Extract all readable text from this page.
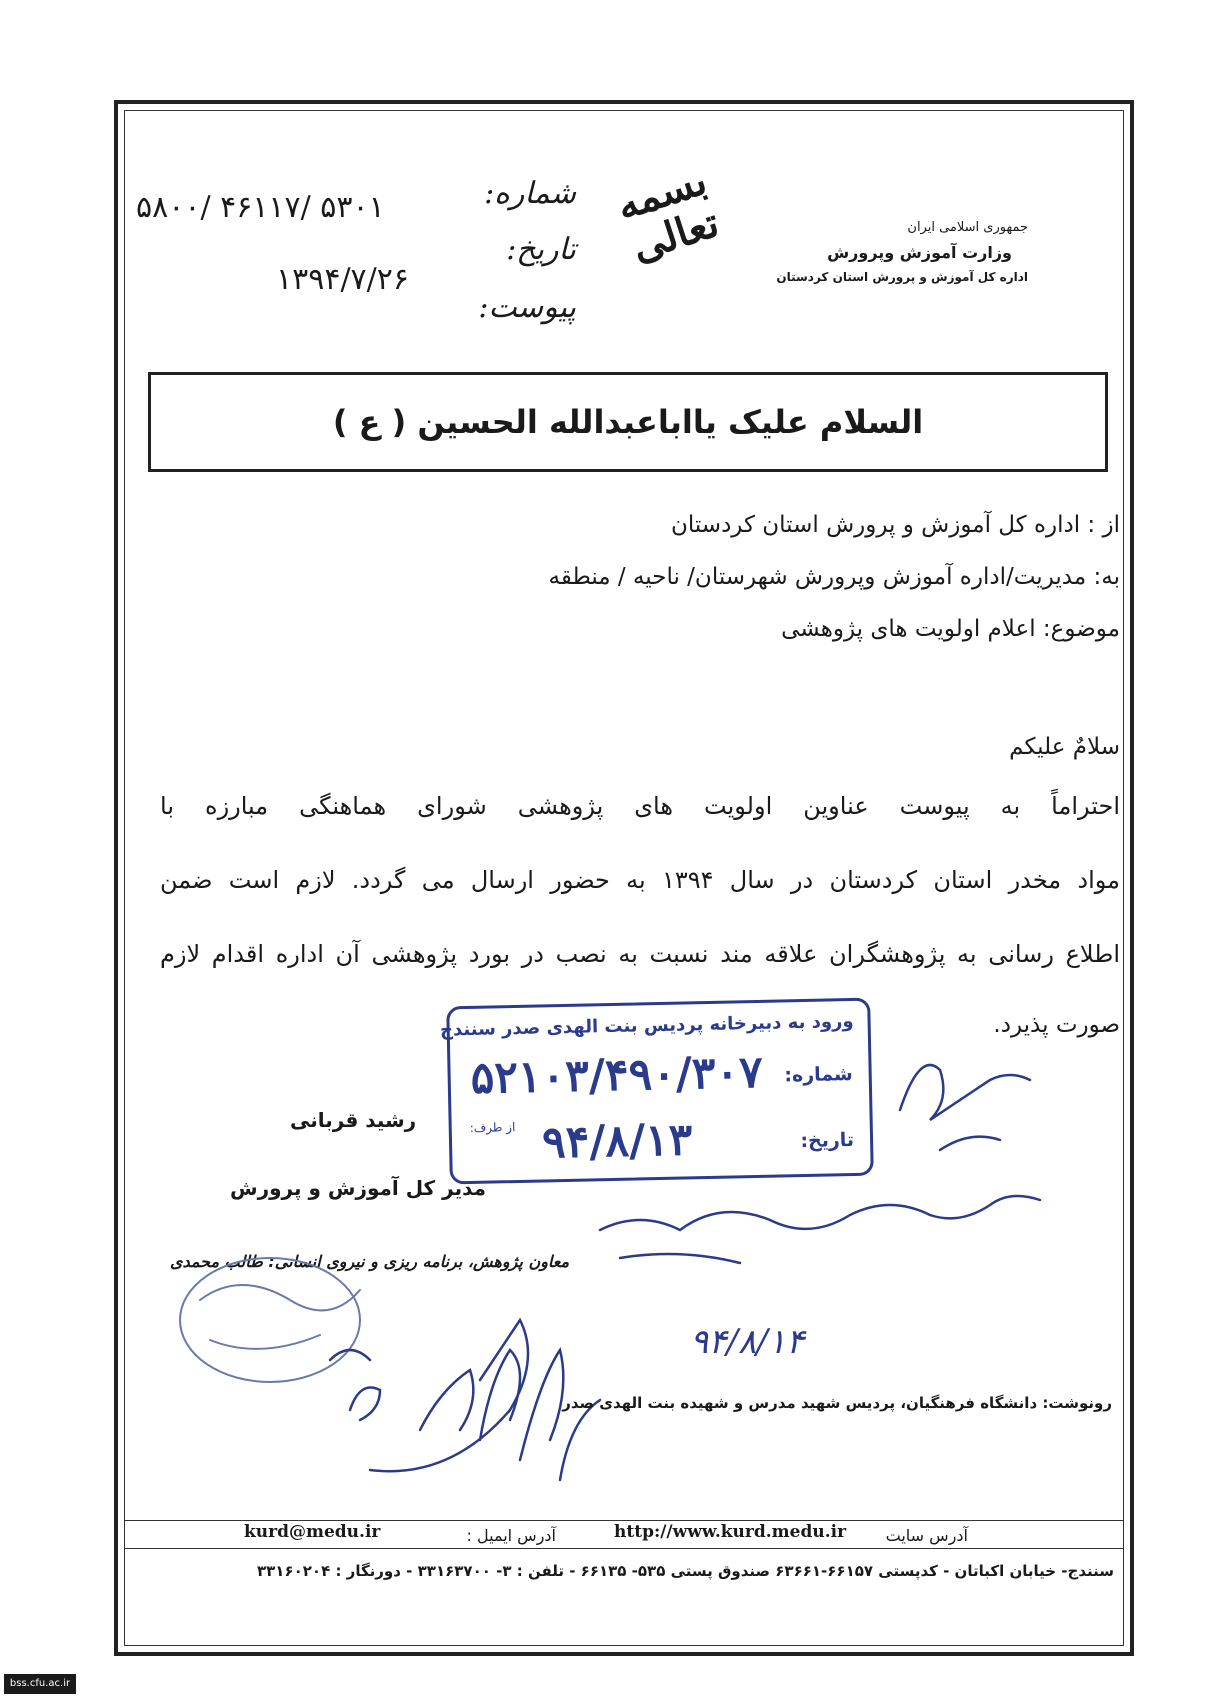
جمهوری اسلامی ایران
وزارت آموزش وپرورش
اداره کل آموزش و پرورش استان کردستان
بسمه تعالی
شماره:
تاریخ:
پیوست:
۵۸۰۰/ ۴۶۱۱۷/ ۵۳۰۱
۱۳۹۴/۷/۲۶
السلام علیک یااباعبدالله الحسین ( ع )
از : اداره کل آموزش و پرورش استان کردستان
به: مدیریت/اداره آموزش وپرورش شهرستان/ ناحیه / منطقه
موضوع: اعلام اولویت های پژوهشی
سلامٌ علیکم
احتراماً به پیوست عناوین اولویت های پژوهشی شورای هماهنگی مبارزه با
مواد مخدر استان کردستان در سال ۱۳۹۴ به حضور ارسال می گردد. لازم است ضمن
اطلاع رسانی به پژوهشگران علاقه مند نسبت به نصب در بورد پژوهشی آن اداره اقدام لازم
صورت پذیرد.
ورود به دبیرخانه پردیس بنت الهدی صدر سنندج
شماره:
۵۲۱۰۳/۴۹۰/۳۰۷
از طرف:
تاریخ:
۹۴/۸/۱۳
رشید قربانی
مدیر کل آموزش و پرورش
معاون پژوهش، برنامه ریزی و نیروی انسانی: طالب محمدی
۹۴/۸/۱۴
رونوشت: دانشگاه فرهنگیان، پردیس شهید مدرس و شهیده بنت الهدی صدر
آدرس سایت
http://www.kurd.medu.ir
آدرس ایمیل :
kurd@medu.ir
سنندج- خیابان اکباتان - کدپستی ۶۶۱۵۷-۶۳۶۶۱ صندوق پستی ۵۳۵- ۶۶۱۳۵ - تلفن : ۳- ۳۳۱۶۳۷۰۰ - دورنگار : ۳۳۱۶۰۲۰۴
bss.cfu.ac.ir
